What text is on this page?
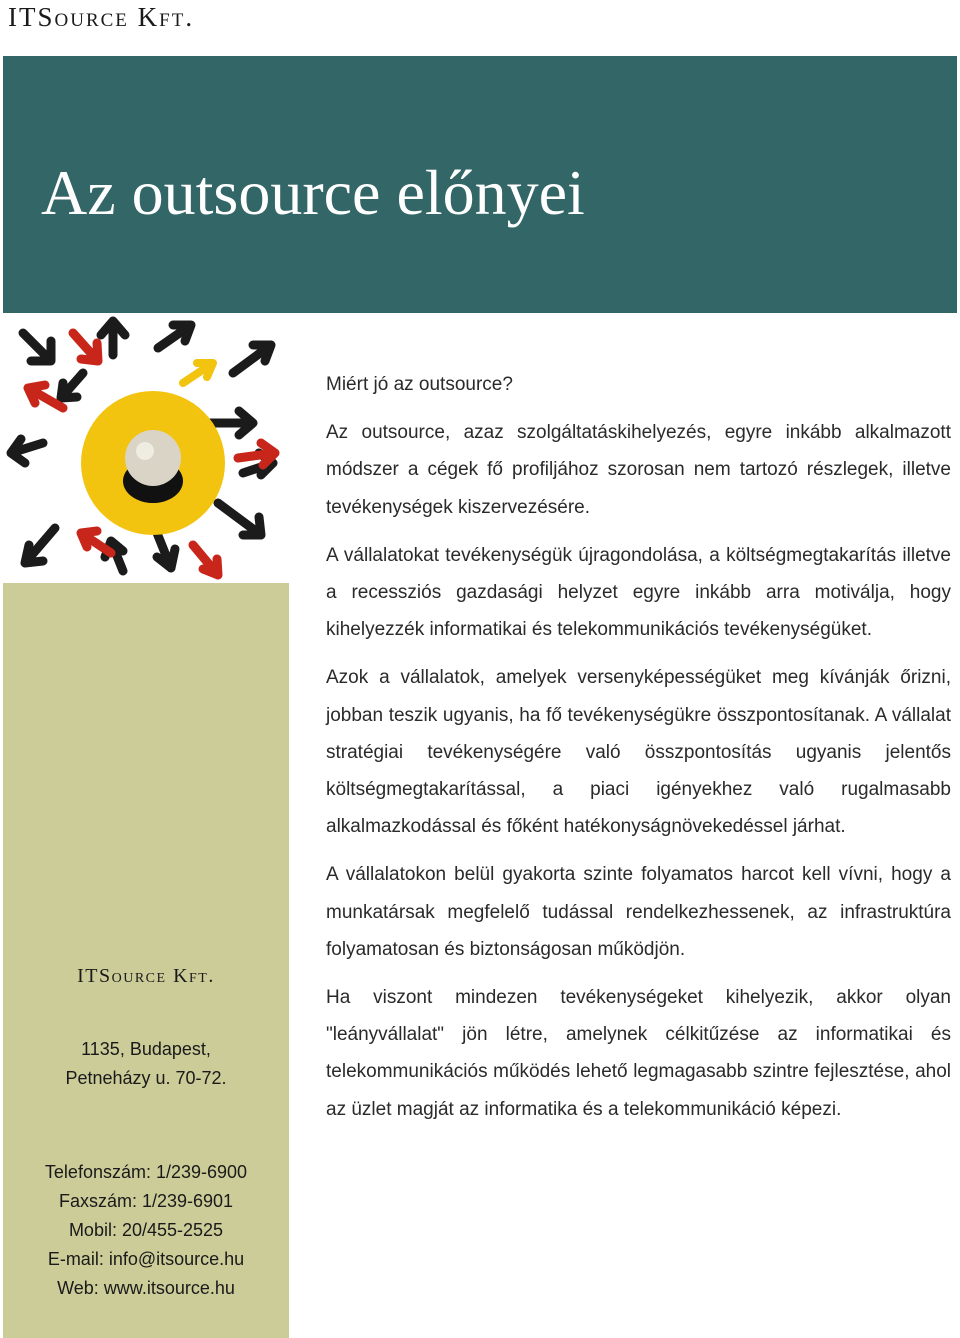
ITSource Kft.
Az outsource előnyei
ITSource Kft.
1135, Budapest,
Petneházy u. 70-72.
Telefonszám: 1/239-6900
Faxszám: 1/239-6901
Mobil: 20/455-2525
E-mail: info@itsource.hu
Web: www.itsource.hu
Miért jó az outsource?

Az outsource, azaz szolgáltatáskihelyezés, egyre inkább alkalmazott módszer a cégek fő profiljához szorosan nem tartozó részlegek, illetve tevékenységek kiszervezésére.

A vállalatokat tevékenységük újragondolása, a költségmegtakarítás illetve a recessziós gazdasági helyzet egyre inkább arra motiválja, hogy kihelyezzék informatikai és telekommunikációs tevékenységüket.

Azok a vállalatok, amelyek versenyképességüket meg kívánják őrizni, jobban teszik ugyanis, ha fő tevékenységükre összpontosítanak. A vállalat stratégiai tevékenységére való összpontosítás ugyanis jelentős költségmegtakarítással, a piaci igényekhez való rugalmasabb alkalmazkodással és főként hatékonyságnövekedéssel járhat.

A vállalatokon belül gyakorta szinte folyamatos harcot kell vívni, hogy a munkatársak megfelelő tudással rendelkezhessenek, az infrastruktúra folyamatosan és biztonságosan működjön.

Ha viszont mindezen tevékenységeket kihelyezik, akkor olyan "leányvállalat" jön létre, amelynek célkitűzése az informatikai és telekommunikációs működés lehető legmagasabb szintre fejlesztése, ahol az üzlet magját az informatika és a telekommunikáció képezi.
